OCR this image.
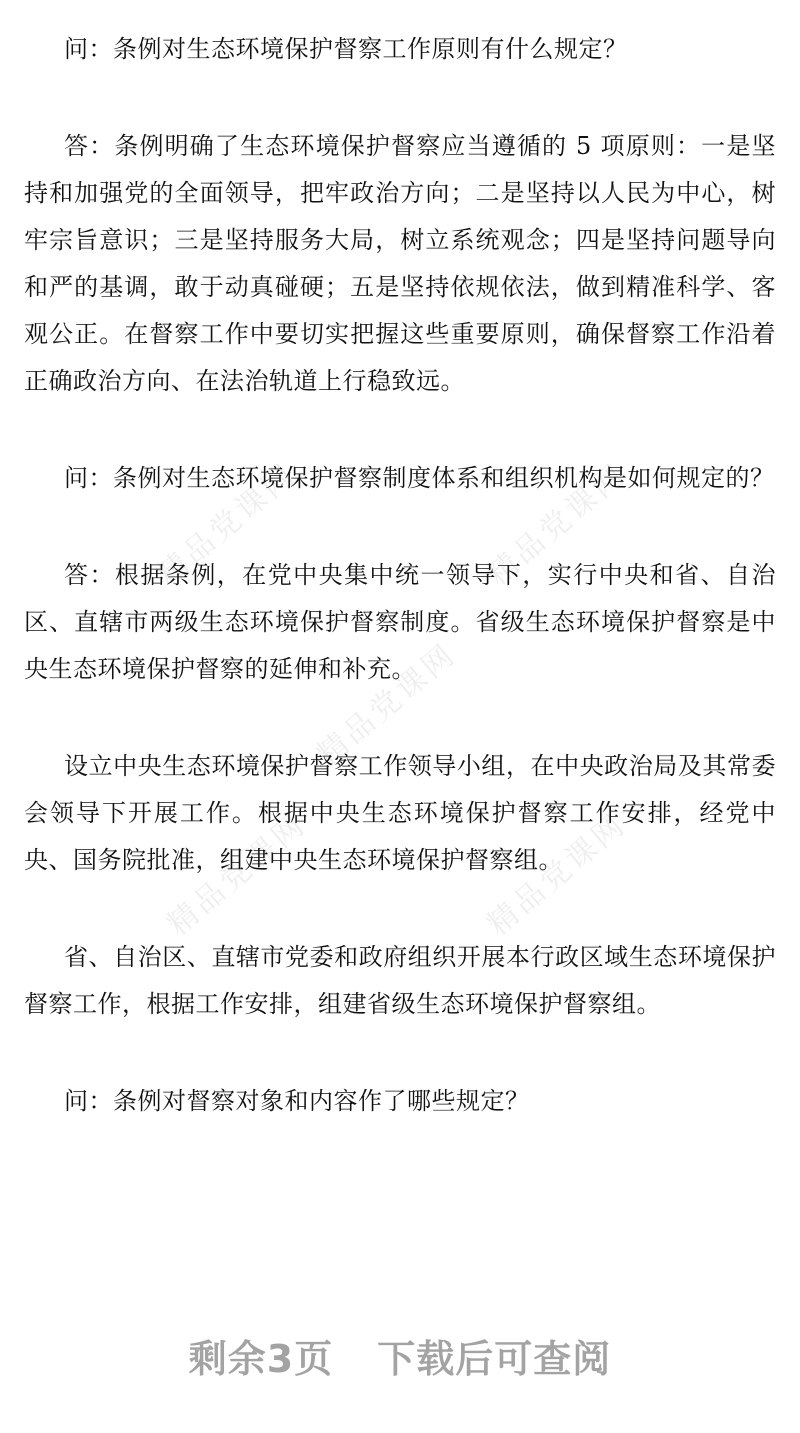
精品党课网	精品党课网
精品党课网
精品党课网	精品党课网

问：条例对生态环境保护督察工作原则有什么规定？

答：条例明确了生态环境保护督察应当遵循的 5 项原则：一是坚持和加强党的全面领导，把牢政治方向；二是坚持以人民为中心，树牢宗旨意识；三是坚持服务大局，树立系统观念；四是坚持问题导向和严的基调，敢于动真碰硬；五是坚持依规依法，做到精准科学、客观公正。在督察工作中要切实把握这些重要原则，确保督察工作沿着正确政治方向、在法治轨道上行稳致远。

问：条例对生态环境保护督察制度体系和组织机构是如何规定的？

答：根据条例，在党中央集中统一领导下，实行中央和省、自治区、直辖市两级生态环境保护督察制度。省级生态环境保护督察是中央生态环境保护督察的延伸和补充。

设立中央生态环境保护督察工作领导小组，在中央政治局及其常委会领导下开展工作。根据中央生态环境保护督察工作安排，经党中央、国务院批准，组建中央生态环境保护督察组。

省、自治区、直辖市党委和政府组织开展本行政区域生态环境保护督察工作，根据工作安排，组建省级生态环境保护督察组。

问：条例对督察对象和内容作了哪些规定？

剩余3页 下载后可查阅
